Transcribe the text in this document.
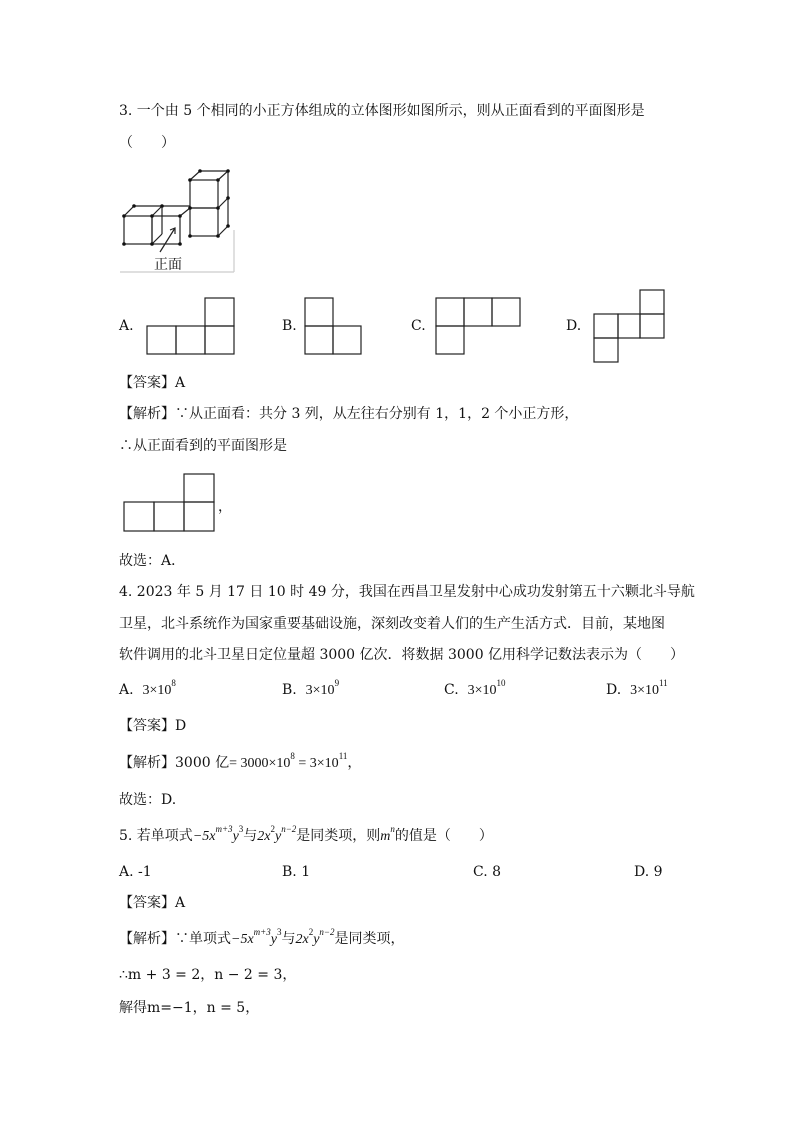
3. 一个由 5 个相同的小正方体组成的立体图形如图所示，则从正面看到的平面图形是
（　　）
正面
A.	B.	C.	D.
【答案】A
【解析】∵从正面看：共分 3 列，从左往右分别有 1，1，2 个小正方形，
∴从正面看到的平面图形是
，
故选：A．
4. 2023 年 5 月 17 日 10 时 49 分，我国在西昌卫星发射中心成功发射第五十六颗北斗导航
卫星，北斗系统作为国家重要基础设施，深刻改变着人们的生产生活方式．目前，某地图
软件调用的北斗卫星日定位量超 3000 亿次．将数据 3000 亿用科学记数法表示为（　　）
A. $3\times 10^8$	B. $3\times 10^9$	C. $3\times 10^{10}$	D. $3\times 10^{11}$
【答案】D
【解析】3000 亿= $3000\times 10^8 = 3\times 10^{11}$，
故选：D.
5. 若单项式$-5x^{m+3}y^3$与$2x^2y^{n-2}$是同类项，则$m^n$的值是（　　）
A. -1	B. 1	C. 8	D. 9
【答案】A
【解析】∵单项式$-5x^{m+3}y^3$与$2x^2y^{n-2}$是同类项，
∴m + 3 = 2，n − 2 = 3，
解得m=−1，n = 5，
